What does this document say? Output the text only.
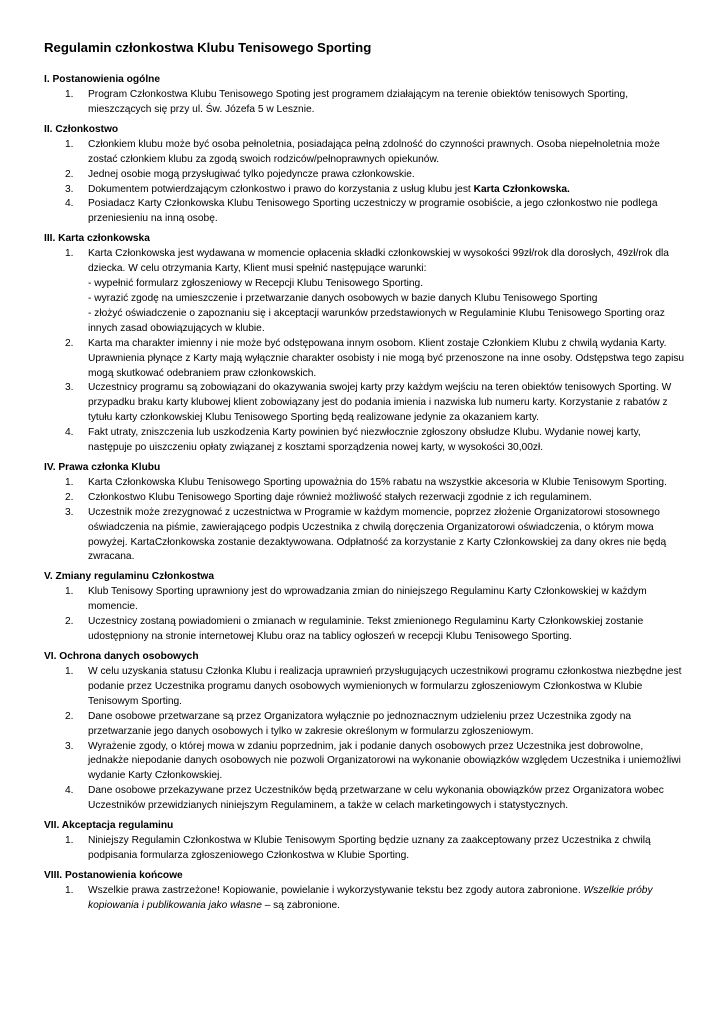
Regulamin członkostwa Klubu Tenisowego Sporting
I. Postanowienia ogólne
1.	Program Członkostwa Klubu Tenisowego Spoting jest programem działającym na terenie obiektów tenisowych Sporting, mieszczących się przy ul. Św. Józefa 5 w Lesznie.
II. Członkostwo
1.	Członkiem klubu może być osoba pełnoletnia, posiadająca pełną zdolność do czynności prawnych. Osoba niepełnoletnia może zostać członkiem klubu za zgodą swoich rodziców/pełnoprawnych opiekunów.
2.	Jednej osobie mogą przysługiwać tylko pojedyncze prawa członkowskie.
3.	Dokumentem potwierdzającym członkostwo i prawo do korzystania z usług klubu jest Karta Członkowska.
4.	Posiadacz Karty Członkowska Klubu Tenisowego Sporting uczestniczy w programie osobiście, a jego członkostwo nie podlega przeniesieniu na inną osobę.
III. Karta członkowska
1.	Karta Członkowska jest wydawana w momencie opłacenia składki członkowskiej w wysokości 99zł/rok dla dorosłych, 49zł/rok dla dziecka. W celu otrzymania Karty, Klient musi spełnić następujące warunki:
- wypełnić formularz zgłoszeniowy w Recepcji Klubu Tenisowego Sporting.
- wyrazić zgodę na umieszczenie i przetwarzanie danych osobowych w bazie danych Klubu Tenisowego Sporting
- złożyć oświadczenie o zapoznaniu się i akceptacji warunków przedstawionych w Regulaminie Klubu Tenisowego Sporting oraz innych zasad obowiązujących w klubie.
2.	Karta ma charakter imienny i nie może być odstępowana innym osobom. Klient zostaje Członkiem Klubu z chwilą wydania Karty. Uprawnienia płynące z Karty mają wyłącznie charakter osobisty i nie mogą być przenoszone na inne osoby. Odstępstwa tego zapisu mogą skutkować odebraniem praw członkowskich.
3.	Uczestnicy programu są zobowiązani do okazywania swojej karty przy każdym wejściu na teren obiektów tenisowych Sporting. W przypadku braku karty klubowej klient zobowiązany jest do podania imienia i nazwiska lub numeru karty. Korzystanie z rabatów z tytułu karty członkowskiej Klubu Tenisowego Sporting będą realizowane jedynie za okazaniem karty.
4.	Fakt utraty, zniszczenia lub uszkodzenia Karty powinien być niezwłocznie zgłoszony obsłudze Klubu. Wydanie nowej karty, następuje po uiszczeniu opłaty związanej z kosztami sporządzenia nowej karty, w wysokości 30,00zł.
IV. Prawa członka Klubu
1.	Karta Członkowska Klubu Tenisowego Sporting upoważnia do 15% rabatu na wszystkie akcesoria w Klubie Tenisowym Sporting.
2.	Członkostwo Klubu Tenisowego Sporting daje również możliwość stałych rezerwacji zgodnie z ich regulaminem.
3.	Uczestnik może zrezygnować z uczestnictwa w Programie w każdym momencie, poprzez złożenie Organizatorowi stosownego oświadczenia na piśmie, zawierającego podpis Uczestnika z chwilą doręczenia Organizatorowi oświadczenia, o którym mowa powyżej. KartaCzłonkowska zostanie dezaktywowana. Odpłatność za korzystanie z Karty Członkowskiej za dany okres nie będą zwracana.
V. Zmiany regulaminu Członkostwa
1.	Klub Tenisowy Sporting uprawniony jest do wprowadzania zmian do niniejszego Regulaminu Karty Członkowskiej w każdym momencie.
2.	Uczestnicy zostaną powiadomieni o zmianach w regulaminie. Tekst zmienionego Regulaminu Karty Członkowskiej zostanie udostępniony na stronie internetowej Klubu oraz na tablicy ogłoszeń w recepcji Klubu Tenisowego Sporting.
VI. Ochrona danych osobowych
1.	W celu uzyskania statusu Członka Klubu i realizacja uprawnień przysługujących uczestnikowi programu członkostwa niezbędne jest podanie przez Uczestnika programu danych osobowych wymienionych w formularzu zgłoszeniowym Członkostwa w Klubie Tenisowym Sporting.
2.	Dane osobowe przetwarzane są przez Organizatora wyłącznie po jednoznacznym udzieleniu przez Uczestnika zgody na przetwarzanie jego danych osobowych i tylko w zakresie określonym w formularzu zgłoszeniowym.
3.	Wyrażenie zgody, o której mowa w zdaniu poprzednim, jak i podanie danych osobowych przez Uczestnika jest dobrowolne, jednakże niepodanie danych osobowych nie pozwoli Organizatorowi na wykonanie obowiązków względem Uczestnika i uniemożliwi wydanie Karty Członkowskiej.
4.	Dane osobowe przekazywane przez Uczestników będą przetwarzane w celu wykonania obowiązków przez Organizatora wobec Uczestników przewidzianych niniejszym Regulaminem, a także w celach marketingowych i statystycznych.
VII. Akceptacja regulaminu
1.	Niniejszy Regulamin Członkostwa w Klubie Tenisowym Sporting będzie uznany za zaakceptowany przez Uczestnika z chwilą podpisania formularza zgłoszeniowego Członkostwa w Klubie Sporting.
VIII. Postanowienia końcowe
1.	Wszelkie prawa zastrzeżone! Kopiowanie, powielanie i wykorzystywanie tekstu bez zgody autora zabronione. Wszelkie próby kopiowania i publikowania jako własne – są zabronione.
